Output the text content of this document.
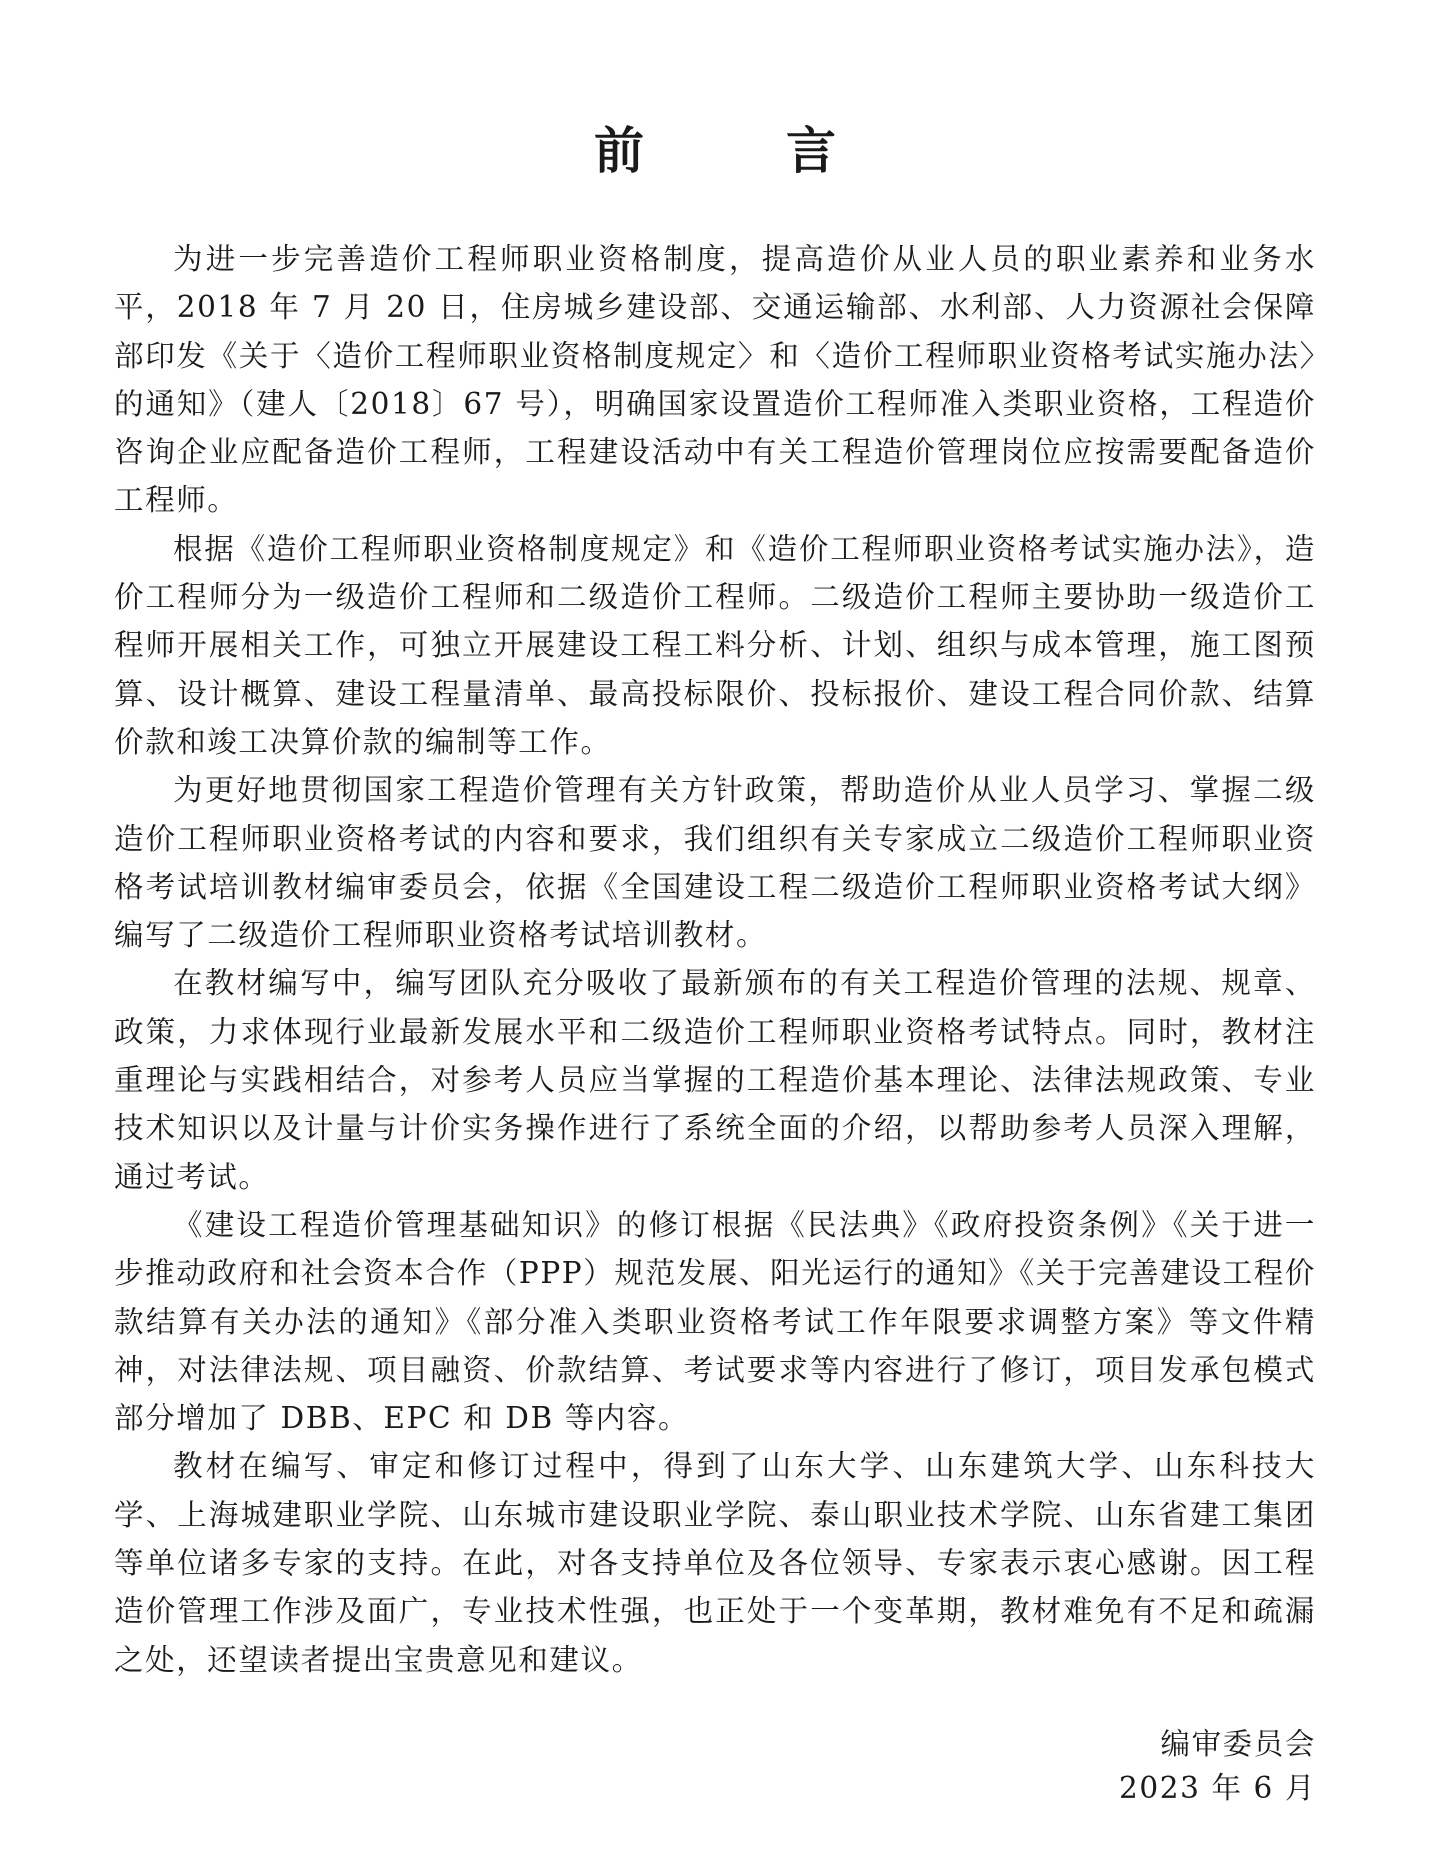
前　言

为进一步完善造价工程师职业资格制度，提高造价从业人员的职业素养和业务水平，2018 年 7 月 20 日，住房城乡建设部、交通运输部、水利部、人力资源社会保障部印发《关于〈造价工程师职业资格制度规定〉和〈造价工程师职业资格考试实施办法〉的通知》（建人〔2018〕67 号），明确国家设置造价工程师准入类职业资格，工程造价咨询企业应配备造价工程师，工程建设活动中有关工程造价管理岗位应按需要配备造价工程师。

根据《造价工程师职业资格制度规定》和《造价工程师职业资格考试实施办法》，造价工程师分为一级造价工程师和二级造价工程师。二级造价工程师主要协助一级造价工程师开展相关工作，可独立开展建设工程工料分析、计划、组织与成本管理，施工图预算、设计概算、建设工程量清单、最高投标限价、投标报价、建设工程合同价款、结算价款和竣工决算价款的编制等工作。

为更好地贯彻国家工程造价管理有关方针政策，帮助造价从业人员学习、掌握二级造价工程师职业资格考试的内容和要求，我们组织有关专家成立二级造价工程师职业资格考试培训教材编审委员会，依据《全国建设工程二级造价工程师职业资格考试大纲》编写了二级造价工程师职业资格考试培训教材。

在教材编写中，编写团队充分吸收了最新颁布的有关工程造价管理的法规、规章、政策，力求体现行业最新发展水平和二级造价工程师职业资格考试特点。同时，教材注重理论与实践相结合，对参考人员应当掌握的工程造价基本理论、法律法规政策、专业技术知识以及计量与计价实务操作进行了系统全面的介绍，以帮助参考人员深入理解，通过考试。

《建设工程造价管理基础知识》的修订根据《民法典》《政府投资条例》《关于进一步推动政府和社会资本合作（PPP）规范发展、阳光运行的通知》《关于完善建设工程价款结算有关办法的通知》《部分准入类职业资格考试工作年限要求调整方案》等文件精神，对法律法规、项目融资、价款结算、考试要求等内容进行了修订，项目发承包模式部分增加了 DBB、EPC 和 DB 等内容。

教材在编写、审定和修订过程中，得到了山东大学、山东建筑大学、山东科技大学、上海城建职业学院、山东城市建设职业学院、泰山职业技术学院、山东省建工集团等单位诸多专家的支持。在此，对各支持单位及各位领导、专家表示衷心感谢。因工程造价管理工作涉及面广，专业技术性强，也正处于一个变革期，教材难免有不足和疏漏之处，还望读者提出宝贵意见和建议。

编审委员会
2023 年 6 月
